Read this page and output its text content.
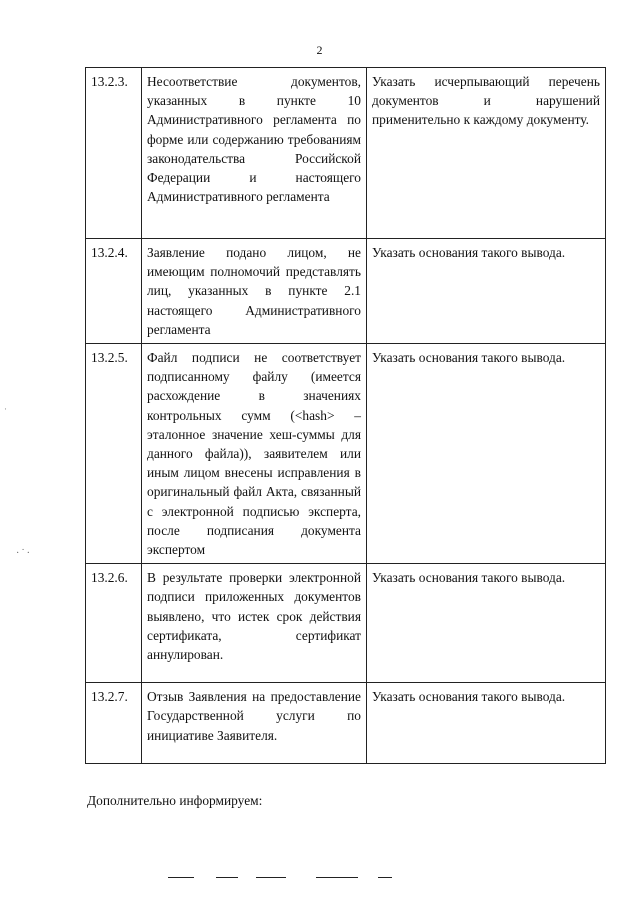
2
13.2.3.	Несоответствие документов, указанных в пункте 10 Административного регламента по форме или содержанию требованиям законодательства Российской Федерации и настоящего Административного регламента	Указать исчерпывающий перечень документов и нарушений применительно к каждому документу.
13.2.4.	Заявление подано лицом, не имеющим полномочий представлять лиц, указанных в пункте 2.1 настоящего Административного регламента	Указать основания такого вывода.
13.2.5.	Файл подписи не соответствует подписанному файлу (имеется расхождение в значениях контрольных сумм (<hash> – эталонное значение хеш-суммы для данного файла)), заявителем или иным лицом внесены исправления в оригинальный файл Акта, связанный с электронной подписью эксперта, после подписания документа экспертом	Указать основания такого вывода.
13.2.6.	В результате проверки электронной подписи приложенных документов выявлено, что истек срок действия сертификата, сертификат аннулирован.	Указать основания такого вывода.
13.2.7.	Отзыв Заявления на предоставление Государственной услуги по инициативе Заявителя.	Указать основания такого вывода.
Дополнительно информируем:
·˙·
·
